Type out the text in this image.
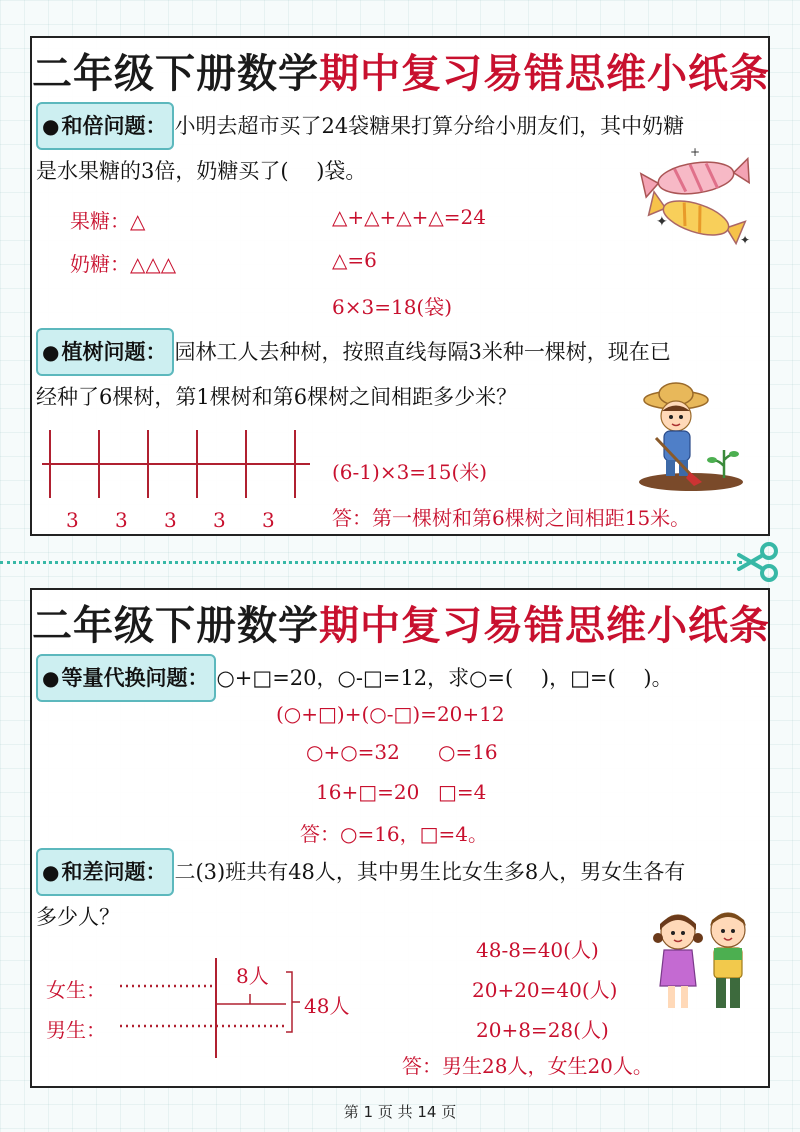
二年级下册数学期中复习易错思维小纸条
●和倍问题： 小明去超市买了24袋糖果打算分给小朋友们，其中奶糖
是水果糖的3倍，奶糖买了(　 )袋。
果糖：△
奶糖：△△△
△+△+△+△=24
△=6
6×3=18(袋)
✦
✦
+
●植树问题： 园林工人去种树，按照直线每隔3米种一棵树，现在已
经种了6棵树，第1棵树和第6棵树之间相距多少米？
3 3 3 3 3
(6-1)×3=15(米)
答：第一棵树和第6棵树之间相距15米。
二年级下册数学期中复习易错思维小纸条
●等量代换问题： ○+□=20，○-□=12，求○=(　 )，□=(　 )。
(○+□)+(○-□)=20+12
○+○=32 ○=16
16+□=20 □=4
答：○=16，□=4。
●和差问题： 二(3)班共有48人，其中男生比女生多8人，男女生各有
多少人？
女生：
男生：
8人
48人
48-8=40(人)
20+20=40(人)
20+8=28(人)
答：男生28人，女生20人。
第 1 页 共 14 页
